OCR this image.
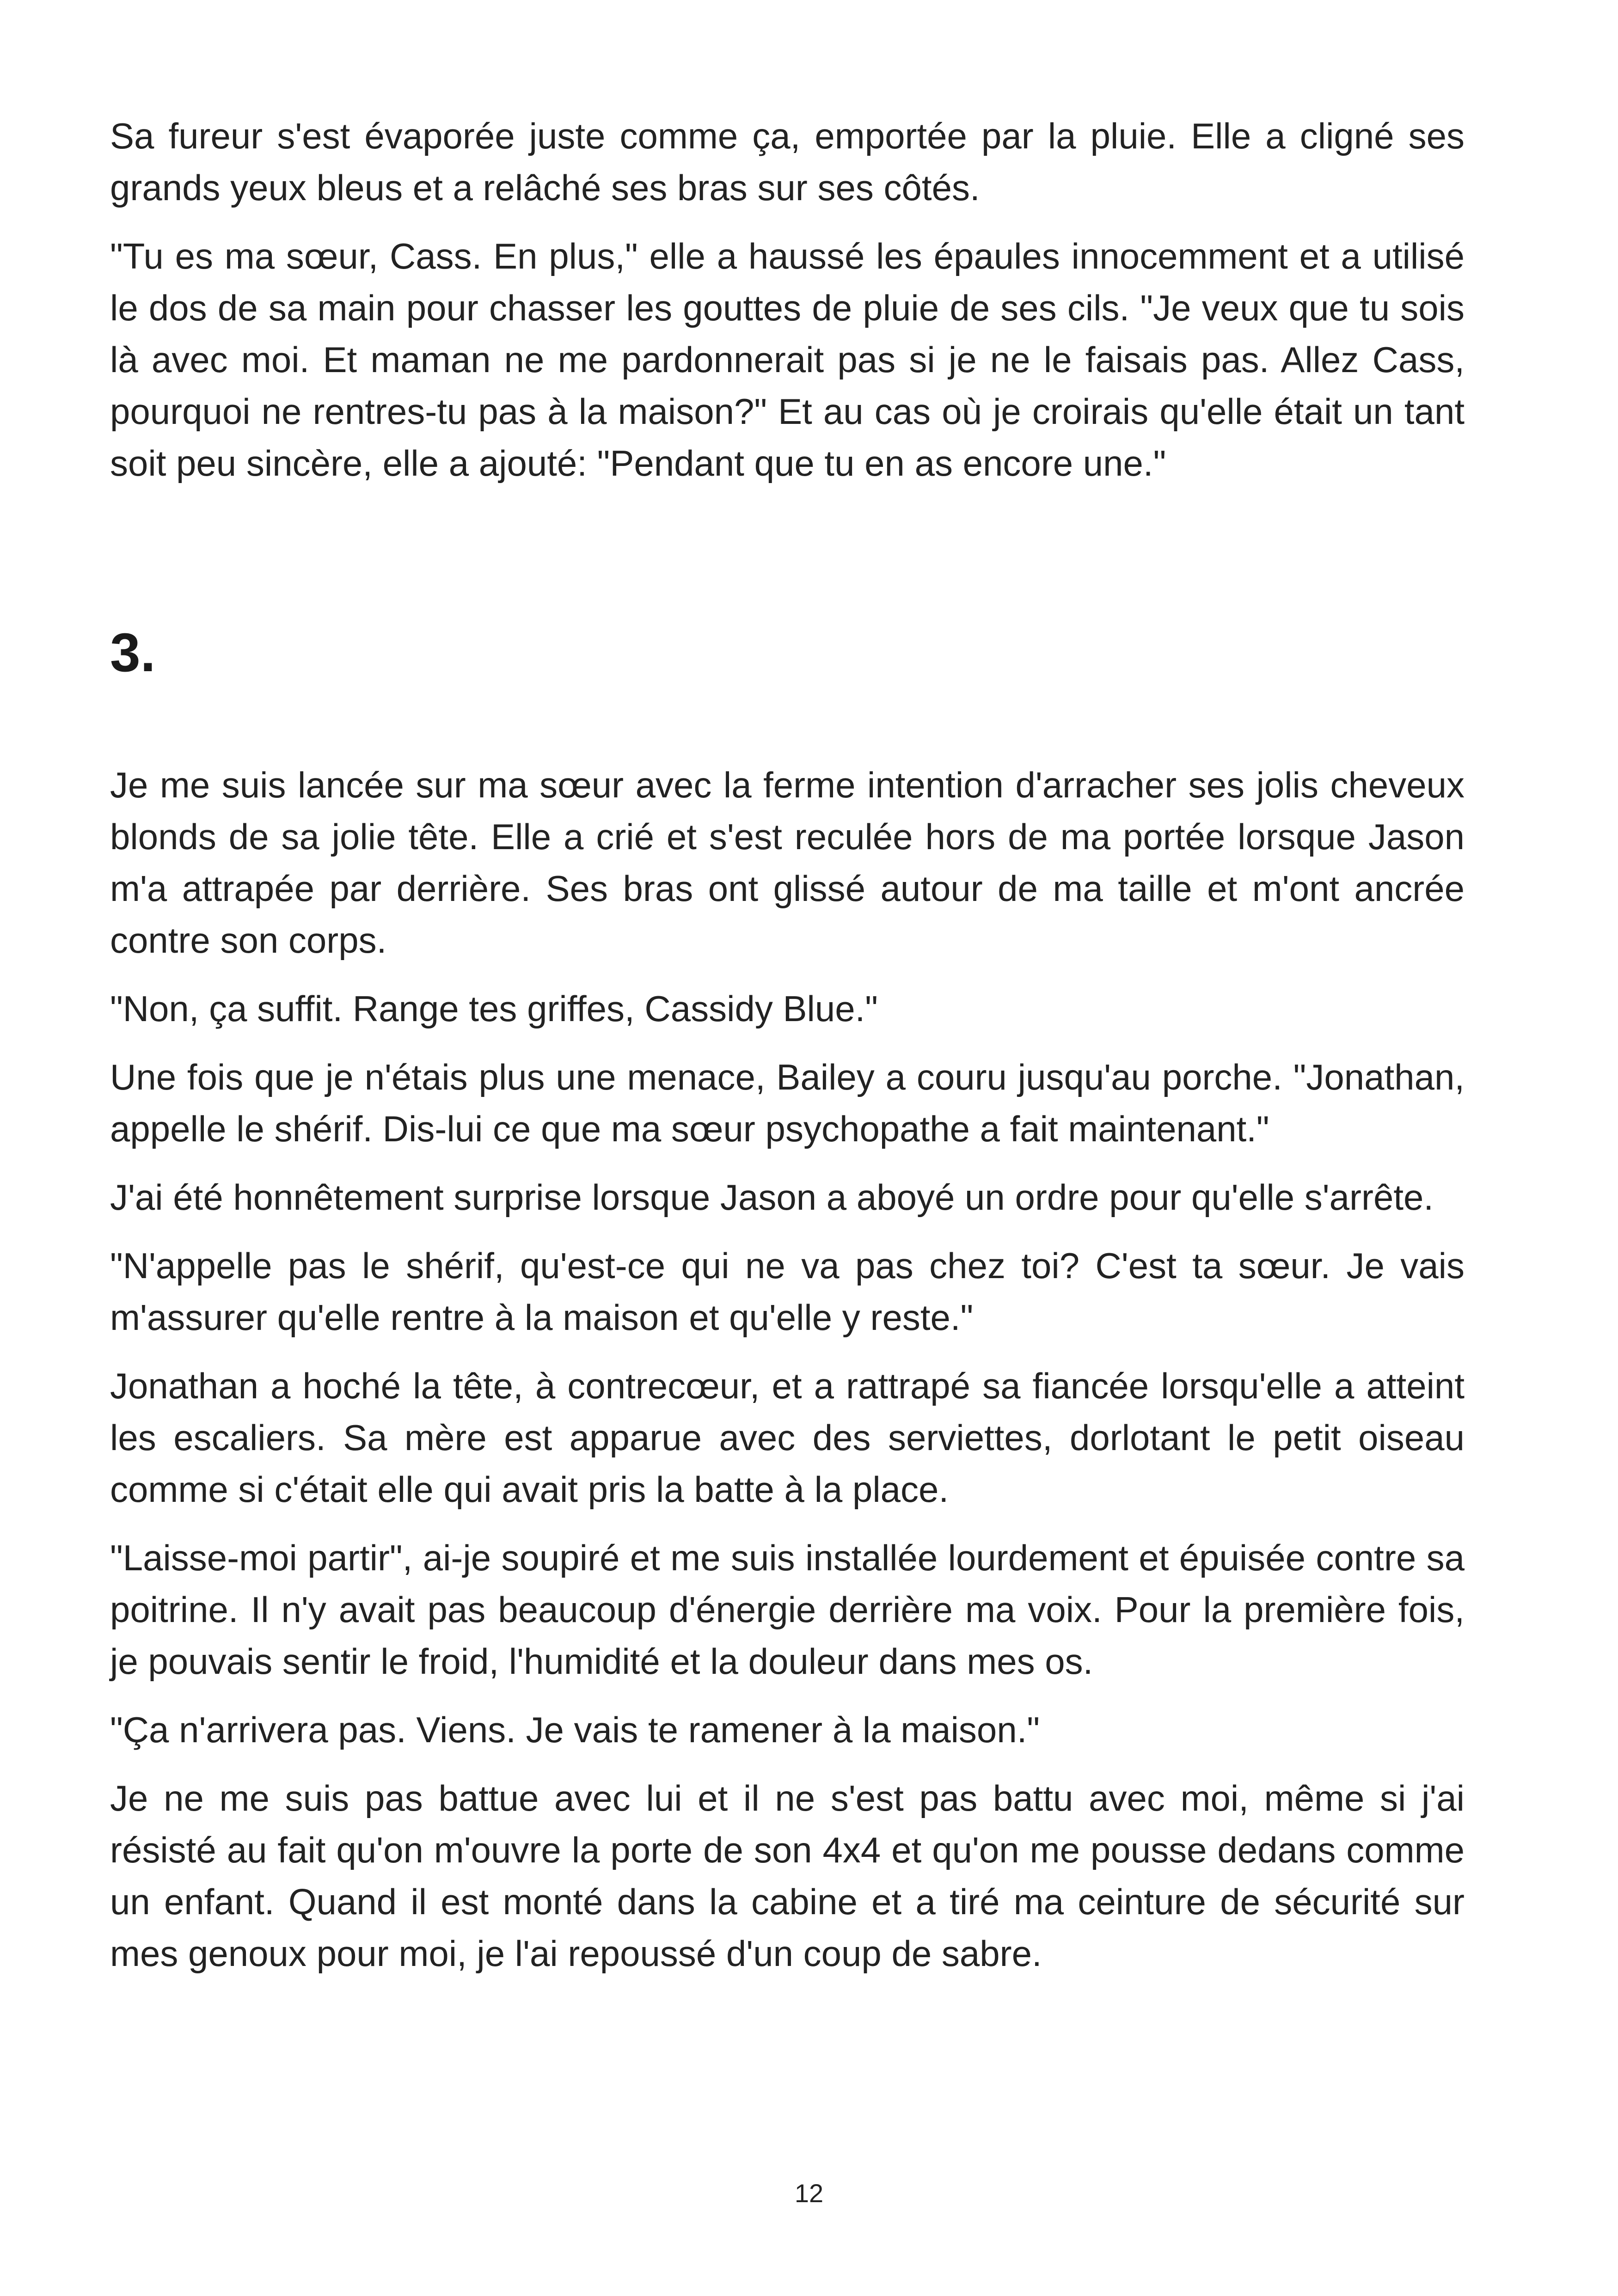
Sa fureur s'est évaporée juste comme ça, emportée par la pluie. Elle a cligné ses grands yeux bleus et a relâché ses bras sur ses côtés.

"Tu es ma sœur, Cass. En plus," elle a haussé les épaules innocemment et a utilisé le dos de sa main pour chasser les gouttes de pluie de ses cils. "Je veux que tu sois là avec moi. Et maman ne me pardonnerait pas si je ne le faisais pas. Allez Cass, pourquoi ne rentres-tu pas à la maison?" Et au cas où je croirais qu'elle était un tant soit peu sincère, elle a ajouté: "Pendant que tu en as encore une."

3.

Je me suis lancée sur ma sœur avec la ferme intention d'arracher ses jolis cheveux blonds de sa jolie tête. Elle a crié et s'est reculée hors de ma portée lorsque Jason m'a attrapée par derrière. Ses bras ont glissé autour de ma taille et m'ont ancrée contre son corps.

"Non, ça suffit. Range tes griffes, Cassidy Blue."

Une fois que je n'étais plus une menace, Bailey a couru jusqu'au porche. "Jonathan, appelle le shérif. Dis-lui ce que ma sœur psychopathe a fait maintenant."

J'ai été honnêtement surprise lorsque Jason a aboyé un ordre pour qu'elle s'arrête.

"N'appelle pas le shérif, qu'est-ce qui ne va pas chez toi? C'est ta sœur. Je vais m'assurer qu'elle rentre à la maison et qu'elle y reste."

Jonathan a hoché la tête, à contrecœur, et a rattrapé sa fiancée lorsqu'elle a atteint les escaliers. Sa mère est apparue avec des serviettes, dorlotant le petit oiseau comme si c'était elle qui avait pris la batte à la place.

"Laisse-moi partir", ai-je soupiré et me suis installée lourdement et épuisée contre sa poitrine. Il n'y avait pas beaucoup d'énergie derrière ma voix. Pour la première fois, je pouvais sentir le froid, l'humidité et la douleur dans mes os.

"Ça n'arrivera pas. Viens. Je vais te ramener à la maison."

Je ne me suis pas battue avec lui et il ne s'est pas battu avec moi, même si j'ai résisté au fait qu'on m'ouvre la porte de son 4x4 et qu'on me pousse dedans comme un enfant. Quand il est monté dans la cabine et a tiré ma ceinture de sécurité sur mes genoux pour moi, je l'ai repoussé d'un coup de sabre.

12
